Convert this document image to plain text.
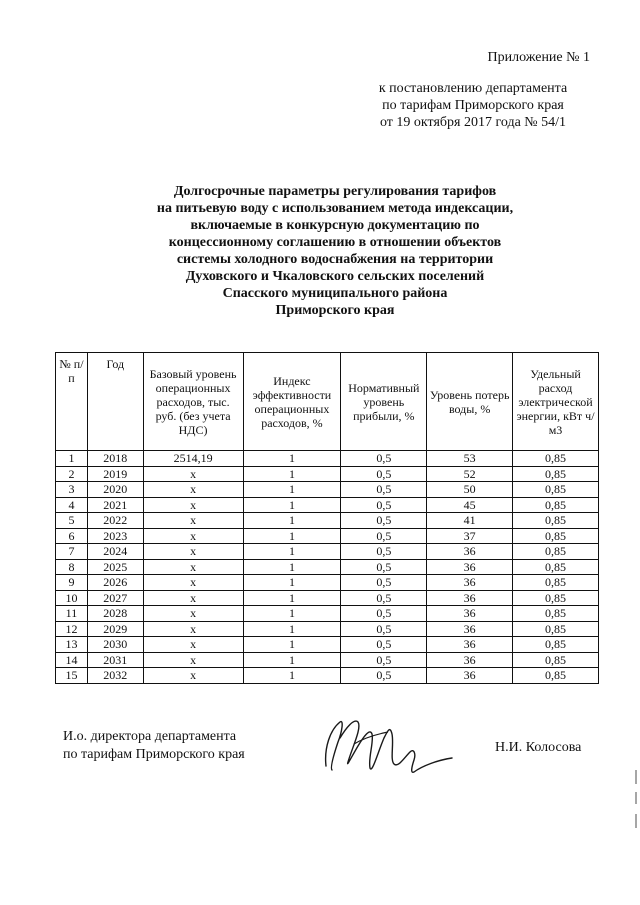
Приложение № 1
к постановлению департамента
по тарифам Приморского края
от 19 октября 2017 года № 54/1
Долгосрочные параметры регулирования тарифов
на питьевую воду с использованием метода индексации,
включаемые в конкурсную документацию по
концессионному соглашению в отношении объектов
системы холодного водоснабжения на территории
Духовского и Чкаловского сельских поселений
Спасского муниципального района
Приморского края
№ п/п	Год	Базовый уровень операционных расходов, тыс. руб. (без учета НДС)	Индекс эффективности операционных расходов, %	Нормативный уровень прибыли, %	Уровень потерь воды, %	Удельный расход электрической энергии, кВт ч/м3
1	2018	2514,19	1	0,5	53	0,85
2	2019	х	1	0,5	52	0,85
3	2020	х	1	0,5	50	0,85
4	2021	х	1	0,5	45	0,85
5	2022	х	1	0,5	41	0,85
6	2023	х	1	0,5	37	0,85
7	2024	х	1	0,5	36	0,85
8	2025	х	1	0,5	36	0,85
9	2026	х	1	0,5	36	0,85
10	2027	х	1	0,5	36	0,85
11	2028	х	1	0,5	36	0,85
12	2029	х	1	0,5	36	0,85
13	2030	х	1	0,5	36	0,85
14	2031	х	1	0,5	36	0,85
15	2032	х	1	0,5	36	0,85
И.о. директора департамента
по тарифам Приморского края	Н.И. Колосова
